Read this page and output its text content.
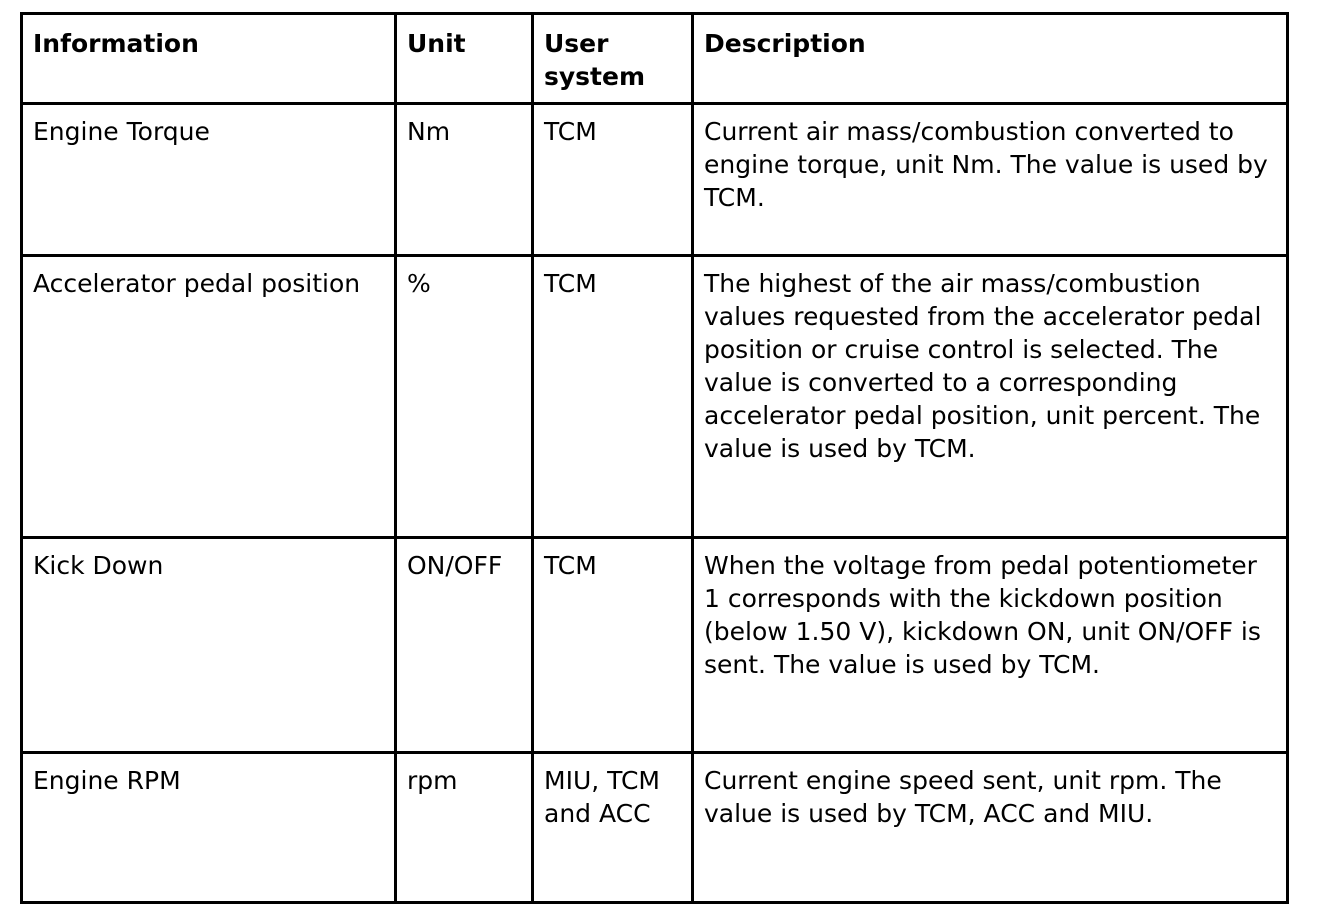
Information	Unit	User system	Description
Engine Torque	Nm	TCM	Current air mass/combustion converted to engine torque, unit Nm. The value is used by TCM.
Accelerator pedal position	%	TCM	The highest of the air mass/combustion values requested from the accelerator pedal position or cruise control is selected. The value is converted to a corresponding accelerator pedal position, unit percent. The value is used by TCM.
Kick Down	ON/OFF	TCM	When the voltage from pedal potentiometer 1 corresponds with the kickdown position (below 1.50 V), kickdown ON, unit ON/OFF is sent. The value is used by TCM.
Engine RPM	rpm	MIU, TCM and ACC	Current engine speed sent, unit rpm. The value is used by TCM, ACC and MIU.
